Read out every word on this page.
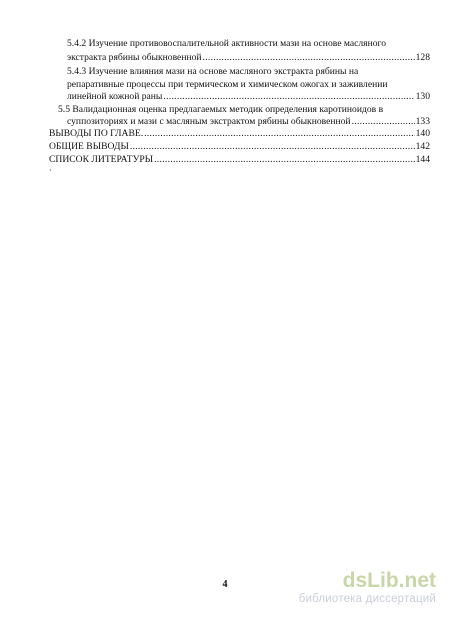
5.4.2 Изучение противовоспалительной активности мази на основе масляного
экстракта рябины обыкновенной .....	128
5.4.3 Изучение влияния мази на основе масляного экстракта рябины на
репаративные процессы при термическом и химическом ожогах и заживлении
линейной кожной раны .....	130
5.5 Валидационная оценка предлагаемых методик определения каротиноидов в
суппозиториях и мази с масляным экстрактом рябины обыкновенной .....	133
ВЫВОДЫ ПО ГЛАВЕ. .....	140
ОБЩИЕ ВЫВОДЫ .....	142
СПИСОК ЛИТЕРАТУРЫ .....	144
ˋ
4	dsLib.net
библиотека диссертаций
